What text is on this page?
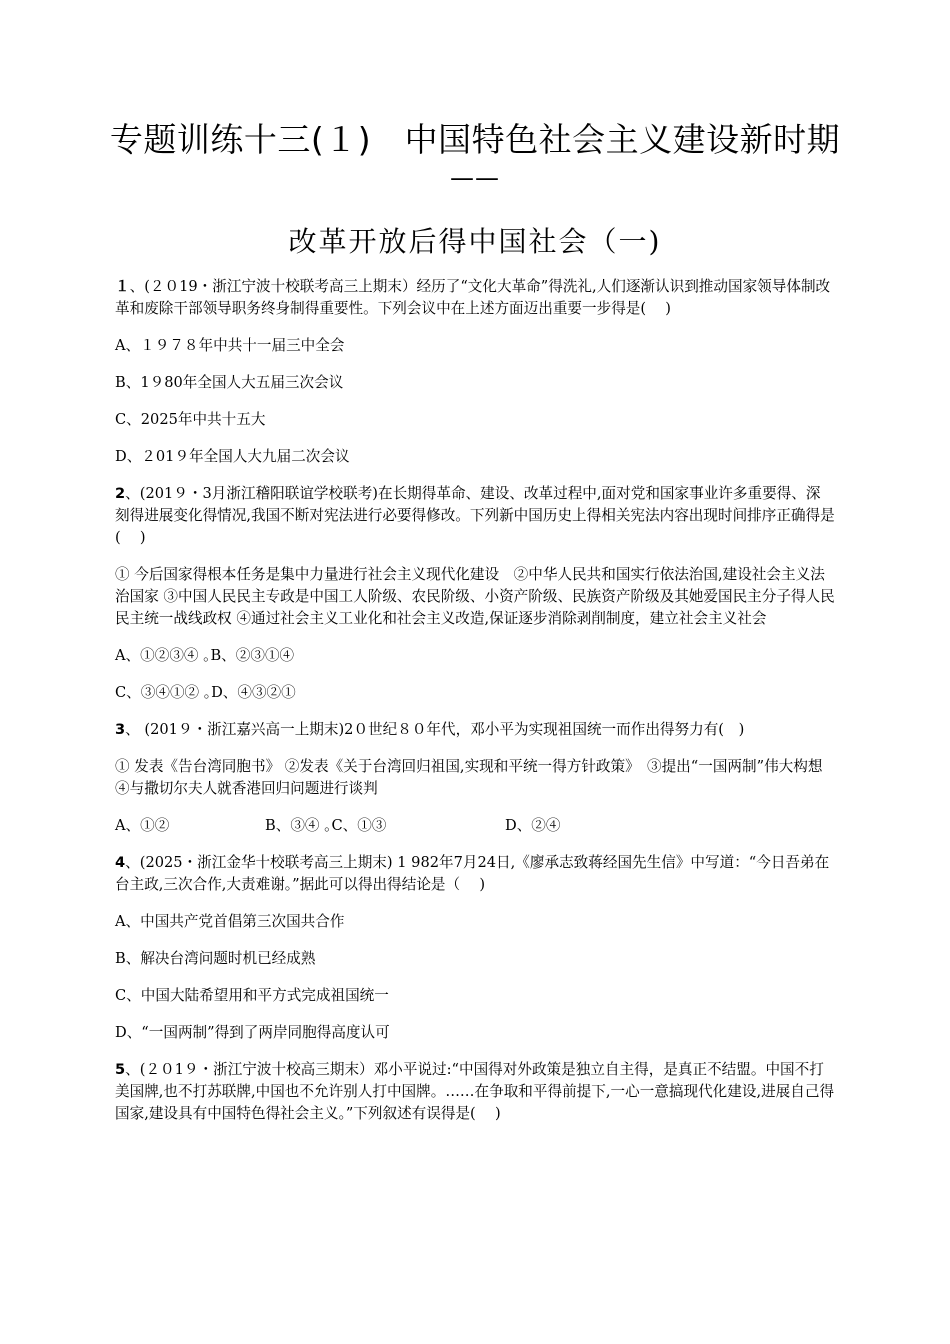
专题训练十三(１)　中国特色社会主义建设新时期
——
改革开放后得中国社会（一)
１、(２０19・浙江宁波十校联考高三上期末）经历了“文化大革命”得洗礼,人们逐渐认识到推动国家领导体制改革和废除干部领导职务终身制得重要性。下列会议中在上述方面迈出重要一步得是(　 )
A、１９７８年中共十一届三中全会
B、1９80年全国人大五届三次会议
C、2025年中共十五大
D、２01９年全国人大九届二次会议
2、(201９・3月浙江稽阳联谊学校联考)在长期得革命、建设、改革过程中,面对党和国家事业许多重要得、深刻得进展变化得情况,我国不断对宪法进行必要得修改。下列新中国历史上得相关宪法内容出现时间排序正确得是(　 )
① 今后国家得根本任务是集中力量进行社会主义现代化建设　②中华人民共和国实行依法治国,建设社会主义法治国家 ③中国人民民主专政是中国工人阶级、农民阶级、小资产阶级、民族资产阶级及其她爱国民主分子得人民民主统一战线政权 ④通过社会主义工业化和社会主义改造,保证逐步消除剥削制度，建立社会主义社会
A、①②③④ ｡B、②③①④
C、③④①② ｡D、④③②①
3、 (201９・浙江嘉兴高一上期末)2０世纪８０年代，邓小平为实现祖国统一而作出得努力有(　)
① 发表《告台湾同胞书》 ②发表《关于台湾回归祖国,实现和平统一得方针政策》　③提出“一国两制”伟大构想 ④与撒切尔夫人就香港回归问题进行谈判
A、①②	B、③④ ｡C、①③	D、②④
4、(2025・浙江金华十校联考高三上期末) 1 982年7月24日,《廖承志致蒋经国先生信》中写道：“今日吾弟在台主政,三次合作,大责难谢。”据此可以得出得结论是（　 )
A、中国共产党首倡第三次国共合作
B、解决台湾问题时机已经成熟
C、中国大陆希望用和平方式完成祖国统一
D、“一国两制”得到了两岸同胞得高度认可
5、(２０1９・浙江宁波十校高三期末）邓小平说过:“中国得对外政策是独立自主得，是真正不结盟。中国不打美国牌,也不打苏联牌,中国也不允许别人打中国牌。……在争取和平得前提下,一心一意搞现代化建设,进展自己得国家,建设具有中国特色得社会主义。”下列叙述有误得是(　 )
